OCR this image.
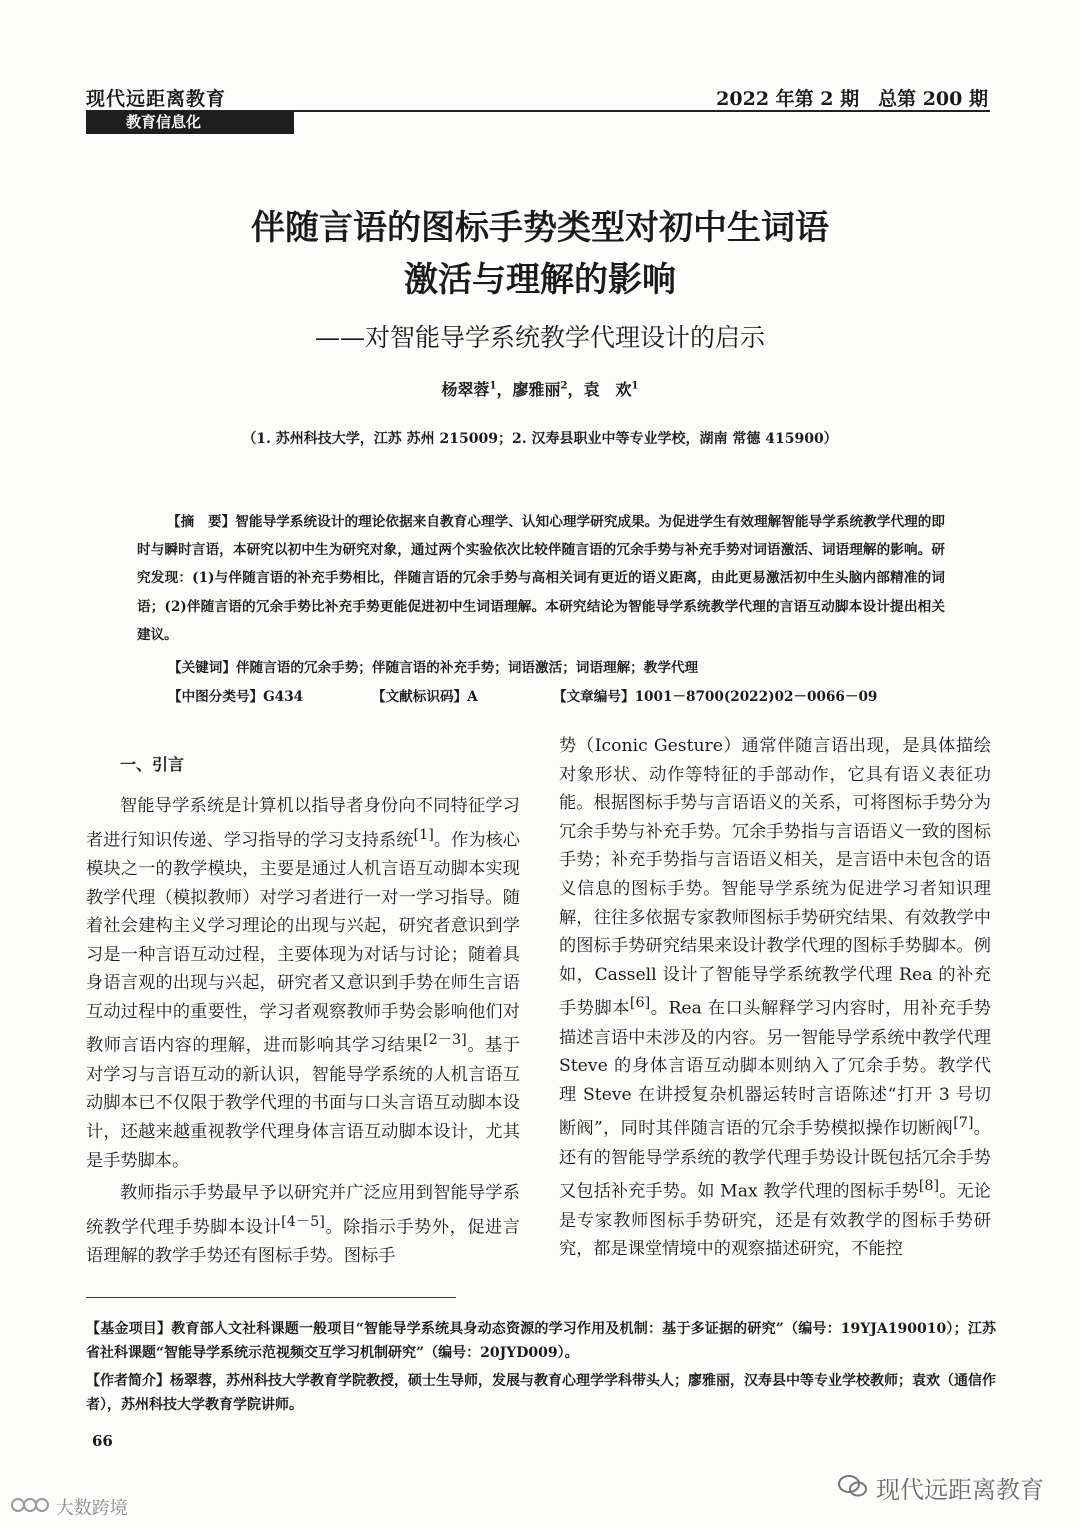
现代远距离教育	2022 年第 2 期　总第 200 期
教育信息化
伴随言语的图标手势类型对初中生词语
激活与理解的影响
——对智能导学系统教学代理设计的启示
杨翠蓉$^1$，廖雅丽$^2$，袁　欢$^1$
（1. 苏州科技大学，江苏 苏州 215009；2. 汉寿县职业中等专业学校，湖南 常德 415900）
【摘　要】智能导学系统设计的理论依据来自教育心理学、认知心理学研究成果。为促进学生有效理解智能导学系统教学代理的即时与瞬时言语，本研究以初中生为研究对象，通过两个实验依次比较伴随言语的冗余手势与补充手势对词语激活、词语理解的影响。研究发现：(1)与伴随言语的补充手势相比，伴随言语的冗余手势与高相关词有更近的语义距离，由此更易激活初中生头脑内部精准的词语；(2)伴随言语的冗余手势比补充手势更能促进初中生词语理解。本研究结论为智能导学系统教学代理的言语互动脚本设计提出相关建议。
【关键词】伴随言语的冗余手势；伴随言语的补充手势；词语激活；词语理解；教学代理
【中图分类号】G434	【文献标识码】A	【文章编号】1001－8700(2022)02－0066－09
一、引言

智能导学系统是计算机以指导者身份向不同特征学习者进行知识传递、学习指导的学习支持系统[1]。作为核心模块之一的教学模块，主要是通过人机言语互动脚本实现教学代理（模拟教师）对学习者进行一对一学习指导。随着社会建构主义学习理论的出现与兴起，研究者意识到学习是一种言语互动过程，主要体现为对话与讨论；随着具身语言观的出现与兴起，研究者又意识到手势在师生言语互动过程中的重要性，学习者观察教师手势会影响他们对教师言语内容的理解，进而影响其学习结果[2－3]。基于对学习与言语互动的新认识，智能导学系统的人机言语互动脚本已不仅限于教学代理的书面与口头言语互动脚本设计，还越来越重视教学代理身体言语互动脚本设计，尤其是手势脚本。

教师指示手势最早予以研究并广泛应用到智能导学系统教学代理手势脚本设计[4－5]。除指示手势外，促进言语理解的教学手势还有图标手势。图标手

势（Iconic Gesture）通常伴随言语出现，是具体描绘对象形状、动作等特征的手部动作，它具有语义表征功能。根据图标手势与言语语义的关系，可将图标手势分为冗余手势与补充手势。冗余手势指与言语语义一致的图标手势；补充手势指与言语语义相关，是言语中未包含的语义信息的图标手势。智能导学系统为促进学习者知识理解，往往多依据专家教师图标手势研究结果、有效教学中的图标手势研究结果来设计教学代理的图标手势脚本。例如，Cassell 设计了智能导学系统教学代理 Rea 的补充手势脚本[6]。Rea 在口头解释学习内容时，用补充手势描述言语中未涉及的内容。另一智能导学系统中教学代理 Steve 的身体言语互动脚本则纳入了冗余手势。教学代理 Steve 在讲授复杂机器运转时言语陈述“打开 3 号切断阀”，同时其伴随言语的冗余手势模拟操作切断阀[7]。还有的智能导学系统的教学代理手势设计既包括冗余手势又包括补充手势。如 Max 教学代理的图标手势[8]。无论是专家教师图标手势研究，还是有效教学的图标手势研究，都是课堂情境中的观察描述研究，不能控

【基金项目】教育部人文社科课题一般项目“智能导学系统具身动态资源的学习作用及机制：基于多证据的研究”（编号：19YJA190010）；江苏省社科课题“智能导学系统示范视频交互学习机制研究”（编号：20JYD009）。
【作者简介】杨翠蓉，苏州科技大学教育学院教授，硕士生导师，发展与教育心理学学科带头人；廖雅丽，汉寿县中等专业学校教师；袁欢（通信作者），苏州科技大学教育学院讲师。
66
现代远距离教育
大数跨境
